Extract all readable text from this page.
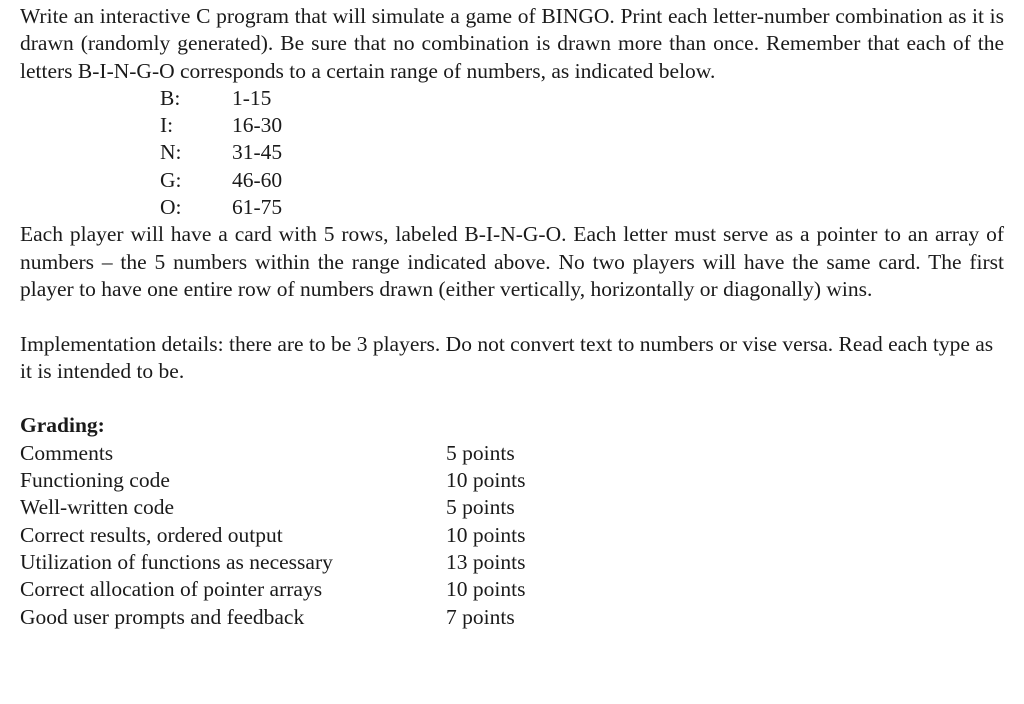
Write an interactive C program that will simulate a game of BINGO. Print each letter-number combination as it is drawn (randomly generated). Be sure that no combination is drawn more than once. Remember that each of the letters B-I-N-G-O corresponds to a certain range of numbers, as indicated below.

B:	1-15
I:	16-30
N:	31-45
G:	46-60
O:	61-75

Each player will have a card with 5 rows, labeled B-I-N-G-O. Each letter must serve as a pointer to an array of numbers – the 5 numbers within the range indicated above. No two players will have the same card. The first player to have one entire row of numbers drawn (either vertically, horizontally or diagonally) wins.

Implementation details: there are to be 3 players. Do not convert text to numbers or vise versa. Read each type as it is intended to be.

Grading:

Comments	5 points
Functioning code	10 points
Well-written code	5 points
Correct results, ordered output	10 points
Utilization of functions as necessary	13 points
Correct allocation of pointer arrays	10 points
Good user prompts and feedback	7 points
